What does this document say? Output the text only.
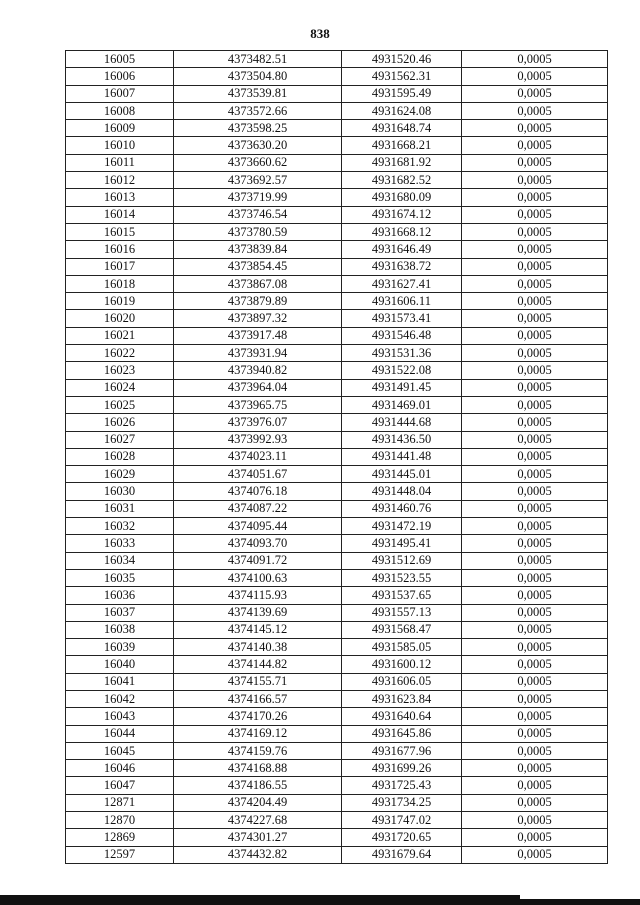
838
16005	4373482.51	4931520.46	0,0005
16006	4373504.80	4931562.31	0,0005
16007	4373539.81	4931595.49	0,0005
16008	4373572.66	4931624.08	0,0005
16009	4373598.25	4931648.74	0,0005
16010	4373630.20	4931668.21	0,0005
16011	4373660.62	4931681.92	0,0005
16012	4373692.57	4931682.52	0,0005
16013	4373719.99	4931680.09	0,0005
16014	4373746.54	4931674.12	0,0005
16015	4373780.59	4931668.12	0,0005
16016	4373839.84	4931646.49	0,0005
16017	4373854.45	4931638.72	0,0005
16018	4373867.08	4931627.41	0,0005
16019	4373879.89	4931606.11	0,0005
16020	4373897.32	4931573.41	0,0005
16021	4373917.48	4931546.48	0,0005
16022	4373931.94	4931531.36	0,0005
16023	4373940.82	4931522.08	0,0005
16024	4373964.04	4931491.45	0,0005
16025	4373965.75	4931469.01	0,0005
16026	4373976.07	4931444.68	0,0005
16027	4373992.93	4931436.50	0,0005
16028	4374023.11	4931441.48	0,0005
16029	4374051.67	4931445.01	0,0005
16030	4374076.18	4931448.04	0,0005
16031	4374087.22	4931460.76	0,0005
16032	4374095.44	4931472.19	0,0005
16033	4374093.70	4931495.41	0,0005
16034	4374091.72	4931512.69	0,0005
16035	4374100.63	4931523.55	0,0005
16036	4374115.93	4931537.65	0,0005
16037	4374139.69	4931557.13	0,0005
16038	4374145.12	4931568.47	0,0005
16039	4374140.38	4931585.05	0,0005
16040	4374144.82	4931600.12	0,0005
16041	4374155.71	4931606.05	0,0005
16042	4374166.57	4931623.84	0,0005
16043	4374170.26	4931640.64	0,0005
16044	4374169.12	4931645.86	0,0005
16045	4374159.76	4931677.96	0,0005
16046	4374168.88	4931699.26	0,0005
16047	4374186.55	4931725.43	0,0005
12871	4374204.49	4931734.25	0,0005
12870	4374227.68	4931747.02	0,0005
12869	4374301.27	4931720.65	0,0005
12597	4374432.82	4931679.64	0,0005
